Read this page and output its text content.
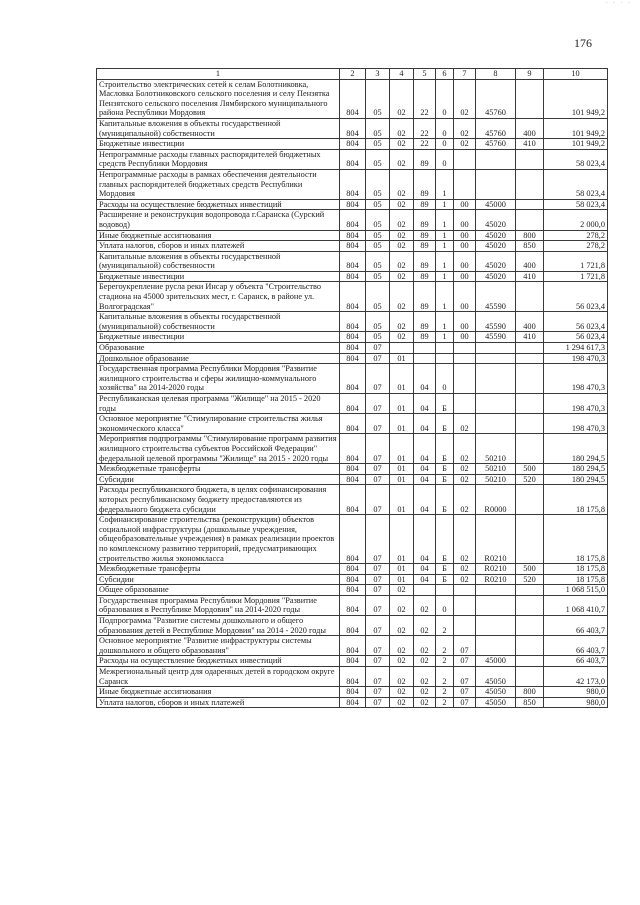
- - - -
176
1	2	3	4	5	6	7	8	9	10
Строительство электрических сетей к селам Болотниковка, Масловка Болотниковского сельского поселения и селу Пензятка Пензятского сельского поселения Лямбирского муниципального района Республики Мордовия	804	05	02	22	0	02	45760		101 949,2
Капитальные вложения в объекты государственной (муниципальной) собственности	804	05	02	22	0	02	45760	400	101 949,2
Бюджетные инвестиции	804	05	02	22	0	02	45760	410	101 949,2
Непрограммные расходы главных распорядителей бюджетных средств Республики Мордовия	804	05	02	89	0				58 023,4
Непрограммные расходы в рамках обеспечения деятельности главных распорядителей бюджетных средств Республики Мордовия	804	05	02	89	1				58 023,4
Расходы на осуществление бюджетных инвестиций	804	05	02	89	1	00	45000		58 023,4
Расширение и реконструкция водопровода г.Саранска (Сурский водовод)	804	05	02	89	1	00	45020		2 000,0
Иные бюджетные ассигнования	804	05	02	89	1	00	45020	800	278,2
Уплата налогов, сборов и иных платежей	804	05	02	89	1	00	45020	850	278,2
Капитальные вложения в объекты государственной (муниципальной) собственности	804	05	02	89	1	00	45020	400	1 721,8
Бюджетные инвестиции	804	05	02	89	1	00	45020	410	1 721,8
Берегоукрепление русла реки Инсар у объекта "Строительство стадиона на 45000 зрительских мест, г. Саранск, в районе ул. Волгоградская"	804	05	02	89	1	00	45590		56 023,4
Капитальные вложения в объекты государственной (муниципальной) собственности	804	05	02	89	1	00	45590	400	56 023,4
Бюджетные инвестиции	804	05	02	89	1	00	45590	410	56 023,4
Образование	804	07							1 294 617,3
Дошкольное образование	804	07	01						198 470,3
Государственная программа Республики Мордовия "Развитие жилищного строительства и сферы жилищно-коммунального хозяйства" на 2014-2020 годы	804	07	01	04	0				198 470,3
Республиканская целевая программа "Жилище" на 2015 - 2020 годы	804	07	01	04	Б				198 470,3
Основное мероприятие "Стимулирование строительства жилья экономического класса"	804	07	01	04	Б	02			198 470,3
Мероприятия подпрограммы "Стимулирование программ развития жилищного строительства субъектов Российской Федерации" федеральной целевой программы "Жилище" на 2015 - 2020 годы	804	07	01	04	Б	02	50210		180 294,5
Межбюджетные трансферты	804	07	01	04	Б	02	50210	500	180 294,5
Субсидии	804	07	01	04	Б	02	50210	520	180 294,5
Расходы республиканского бюджета, в целях софинансирования которых республиканскому бюджету предоставляются из федерального бюджета субсидии	804	07	01	04	Б	02	R0000		18 175,8
Софинансирование строительства (реконструкции) объектов социальной инфраструктуры (дошкольные учреждения, общеобразовательные учреждения) в рамках реализации проектов по комплексному развитию территорий, предусматривающих строительство жилья экономкласса	804	07	01	04	Б	02	R0210		18 175,8
Межбюджетные трансферты	804	07	01	04	Б	02	R0210	500	18 175,8
Субсидии	804	07	01	04	Б	02	R0210	520	18 175,8
Общее образование	804	07	02						1 068 515,0
Государственная программа Республики Мордовия "Развитие образования в Республике Мордовия" на 2014-2020 годы	804	07	02	02	0				1 068 410,7
Подпрограмма "Развитие системы дошкольного и общего образования детей в Республике Мордовия" на 2014 - 2020 годы	804	07	02	02	2				66 403,7
Основное мероприятие "Развитие инфраструктуры системы дошкольного и общего образования"	804	07	02	02	2	07			66 403,7
Расходы на осуществление бюджетных инвестиций	804	07	02	02	2	07	45000		66 403,7
Межрегиональный центр для одаренных детей в городском округе Саранск	804	07	02	02	2	07	45050		42 173,0
Иные бюджетные ассигнования	804	07	02	02	2	07	45050	800	980,0
Уплата налогов, сборов и иных платежей	804	07	02	02	2	07	45050	850	980,0
